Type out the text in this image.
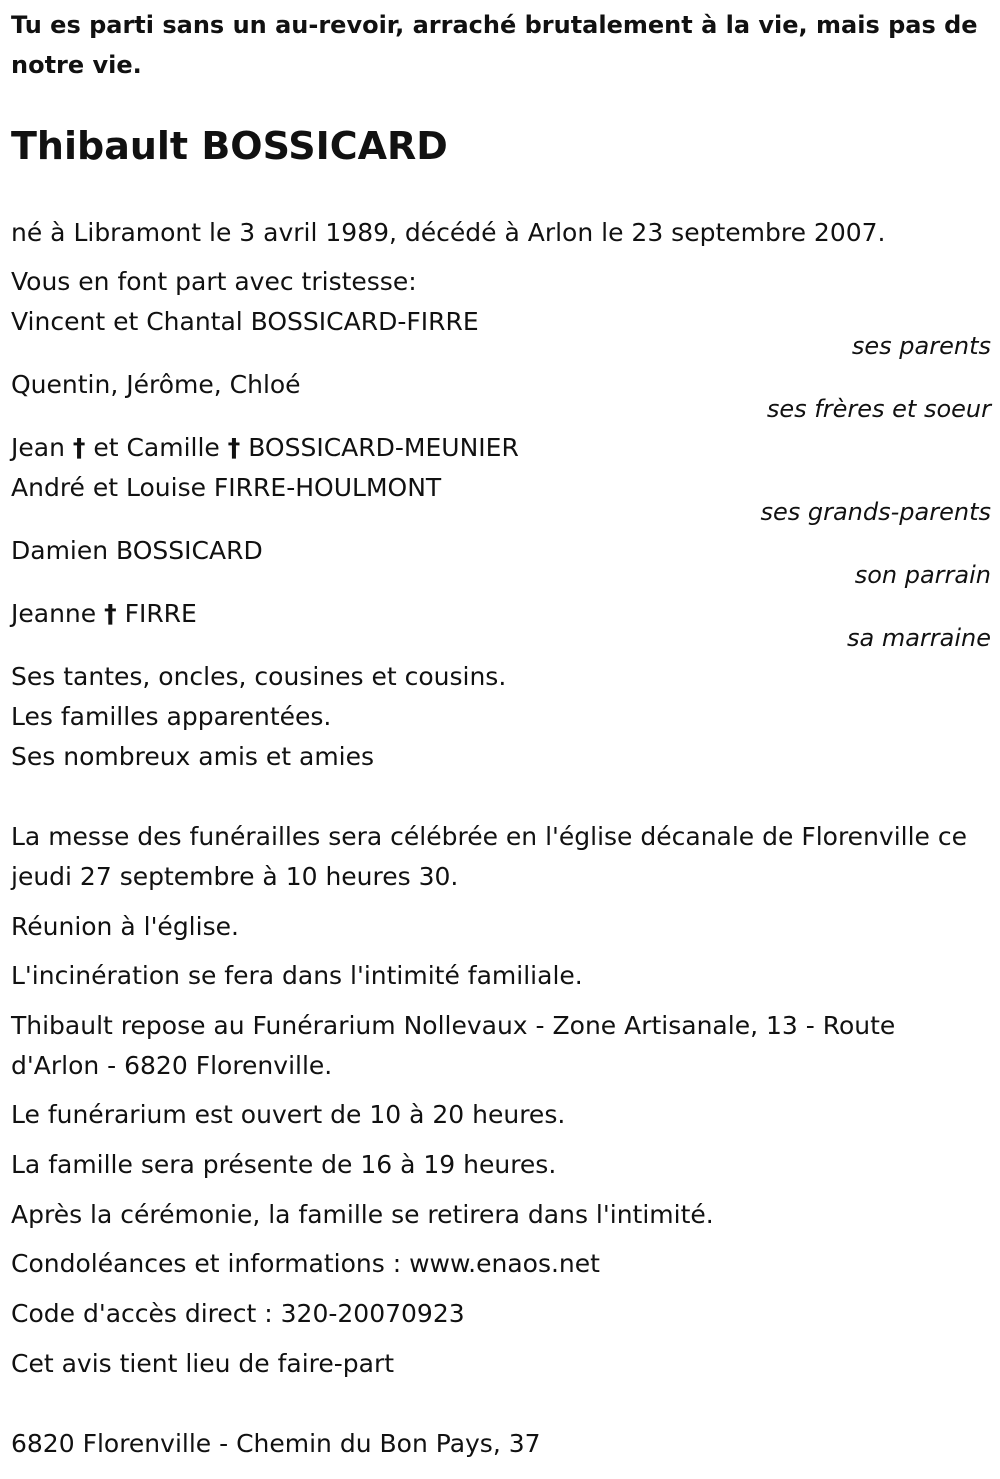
Tu es parti sans un au-revoir, arraché brutalement à la vie, mais pas de notre vie.

Thibault BOSSICARD

né à Libramont le 3 avril 1989, décédé à Arlon le 23 septembre 2007.

Vous en font part avec tristesse:

Vincent et Chantal BOSSICARD-FIRRE

ses parents

Quentin, Jérôme, Chloé

ses frères et soeur

Jean † et Camille † BOSSICARD-MEUNIER

André et Louise FIRRE-HOULMONT

ses grands-parents

Damien BOSSICARD

son parrain

Jeanne † FIRRE

sa marraine

Ses tantes, oncles, cousines et cousins.

Les familles apparentées.

Ses nombreux amis et amies

La messe des funérailles sera célébrée en l'église décanale de Florenville ce jeudi 27 septembre à 10 heures 30.

Réunion à l'église.

L'incinération se fera dans l'intimité familiale.

Thibault repose au Funérarium Nollevaux - Zone Artisanale, 13 - Route d'Arlon - 6820 Florenville.

Le funérarium est ouvert de 10 à 20 heures.

La famille sera présente de 16 à 19 heures.

Après la cérémonie, la famille se retirera dans l'intimité.

Condoléances et informations : www.enaos.net

Code d'accès direct : 320-20070923

Cet avis tient lieu de faire-part

6820 Florenville - Chemin du Bon Pays, 37
